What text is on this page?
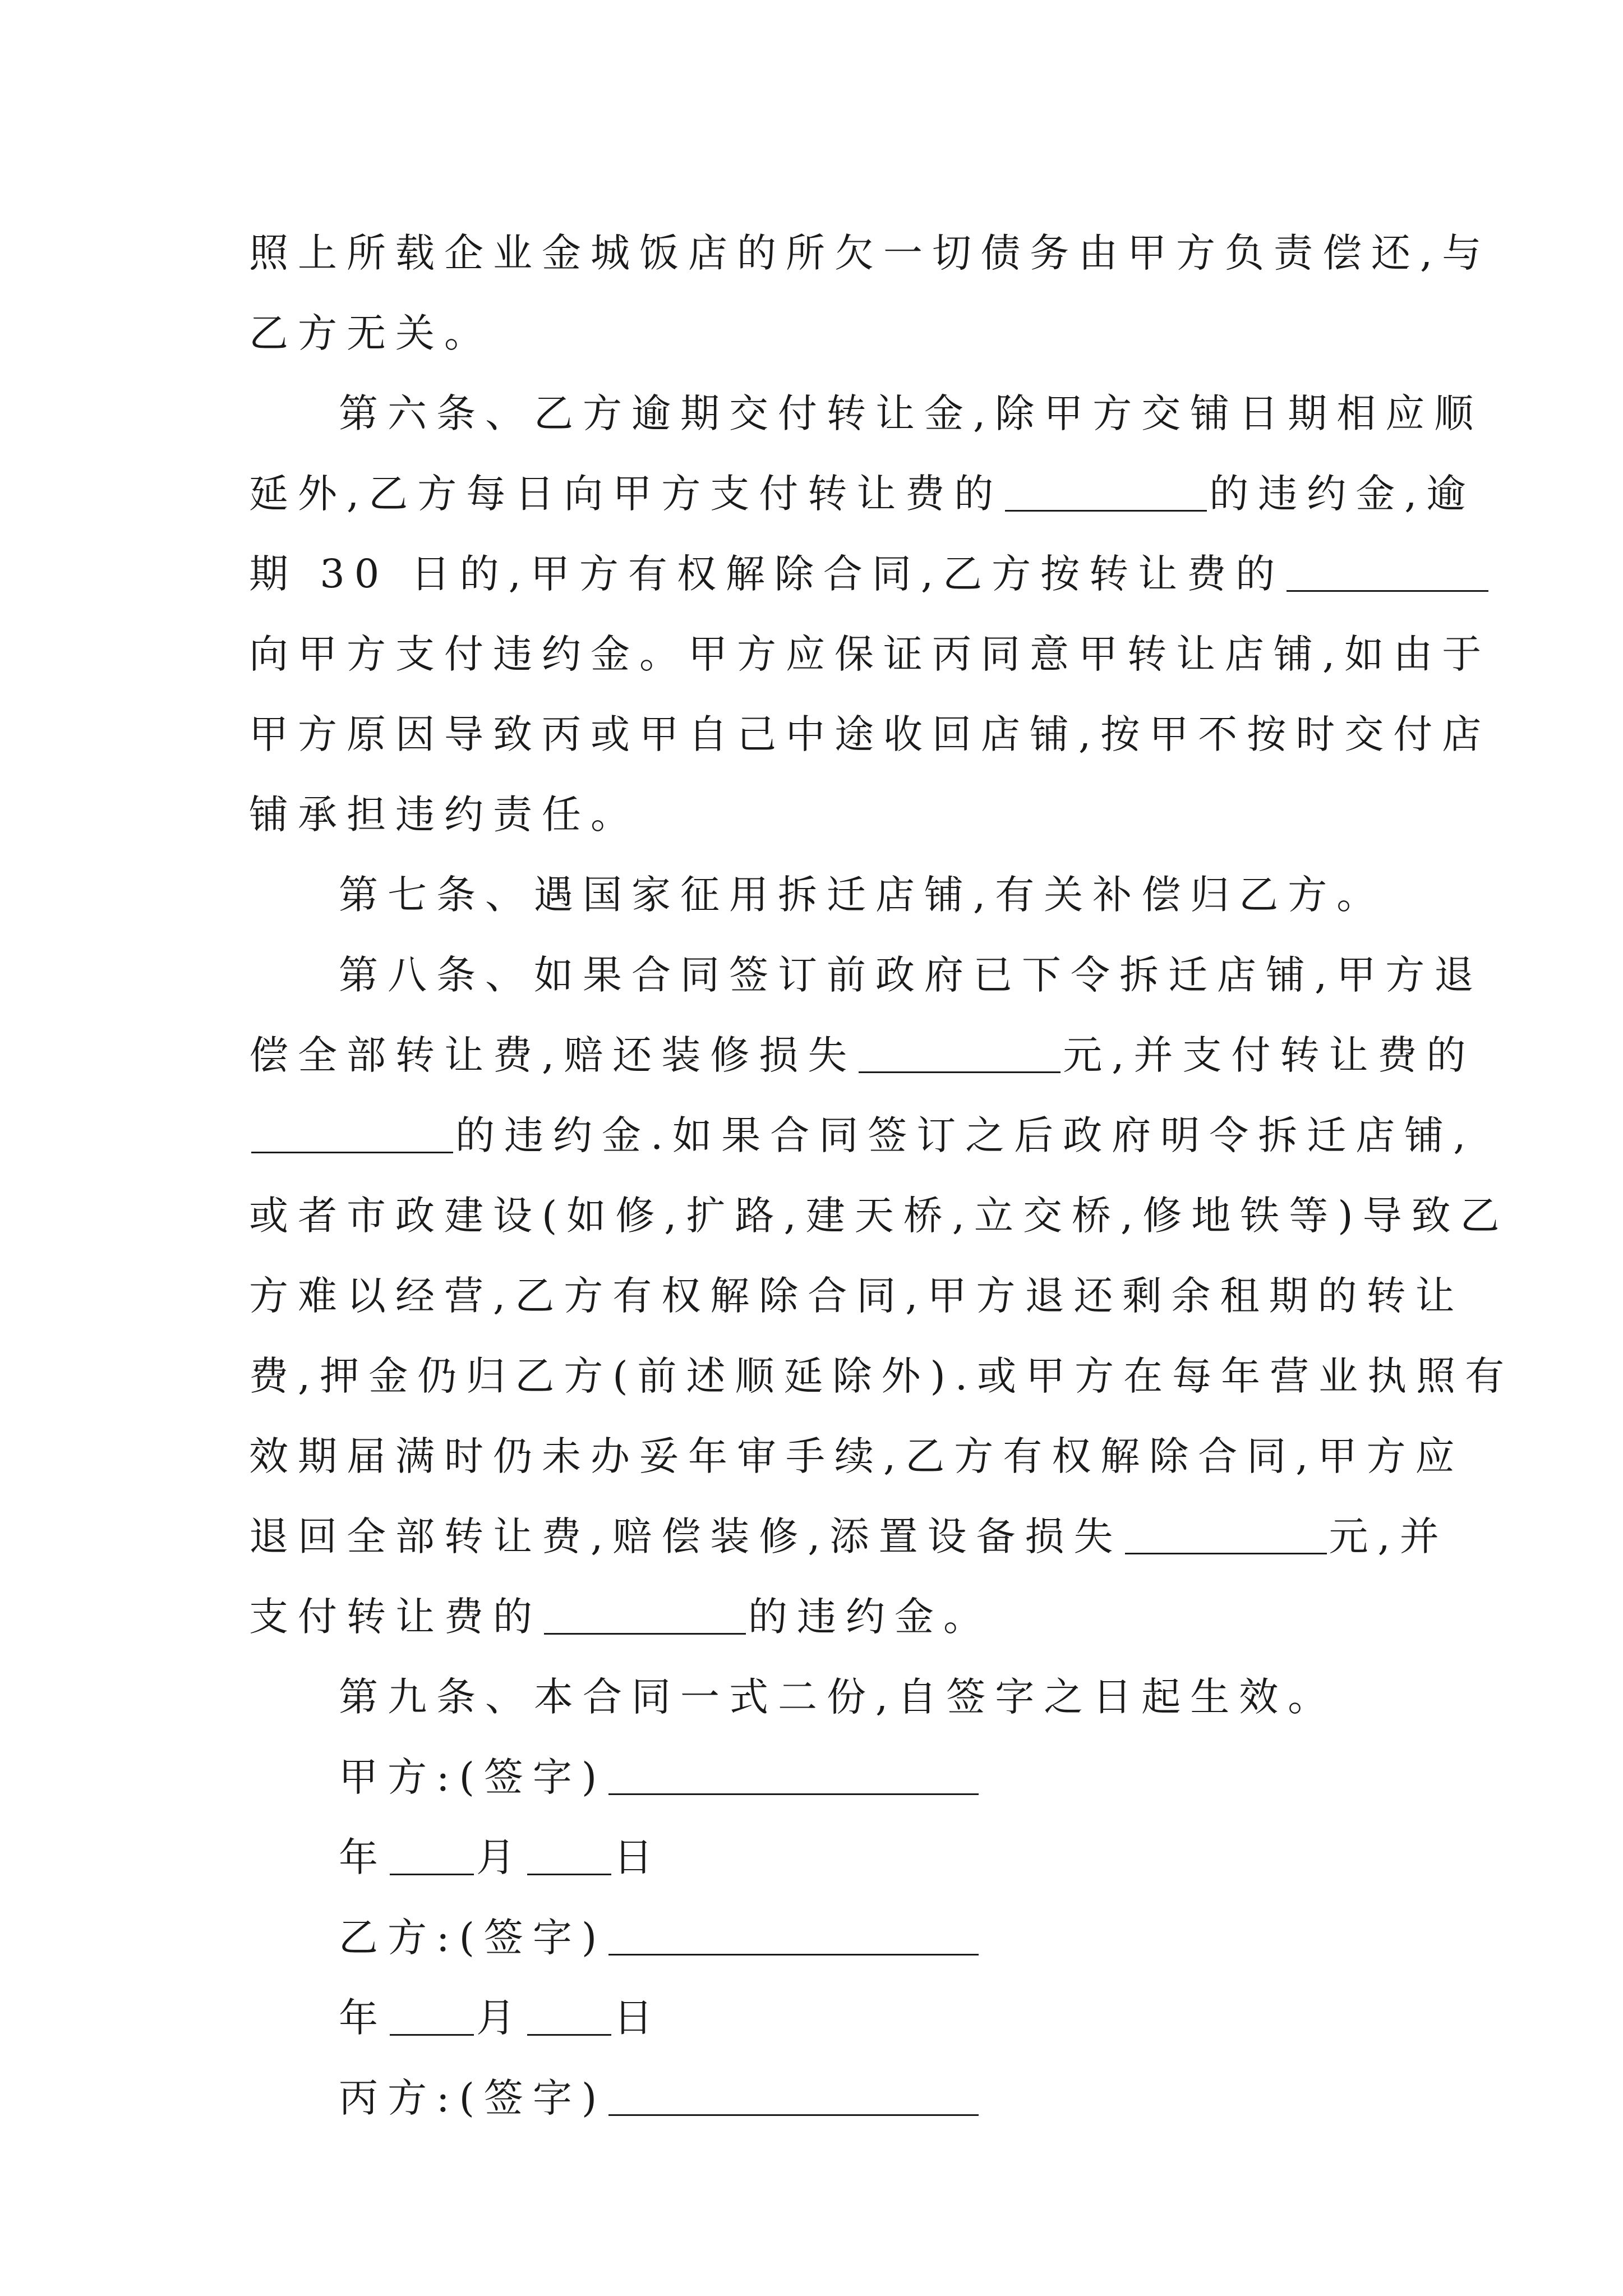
照上所载企业金城饭店的所欠一切债务由甲方负责偿还,与
乙方无关。
第六条、乙方逾期交付转让金,除甲方交铺日期相应顺
延外,乙方每日向甲方支付转让费的	的违约金,逾
期 30 日的,甲方有权解除合同,乙方按转让费的
向甲方支付违约金。甲方应保证丙同意甲转让店铺,如由于
甲方原因导致丙或甲自己中途收回店铺,按甲不按时交付店
铺承担违约责任。
第七条、遇国家征用拆迁店铺,有关补偿归乙方。
第八条、如果合同签订前政府已下令拆迁店铺,甲方退
偿全部转让费,赔还装修损失	元,并支付转让费的
的违约金.如果合同签订之后政府明令拆迁店铺,
或者市政建设(如修,扩路,建天桥,立交桥,修地铁等)导致乙
方难以经营,乙方有权解除合同,甲方退还剩余租期的转让
费,押金仍归乙方(前述顺延除外).或甲方在每年营业执照有
效期届满时仍未办妥年审手续,乙方有权解除合同,甲方应
退回全部转让费,赔偿装修,添置设备损失	元,并
支付转让费的	的违约金。
第九条、本合同一式二份,自签字之日起生效。
甲方:(签字)
年 月 日
乙方:(签字)
年 月 日
丙方:(签字)
